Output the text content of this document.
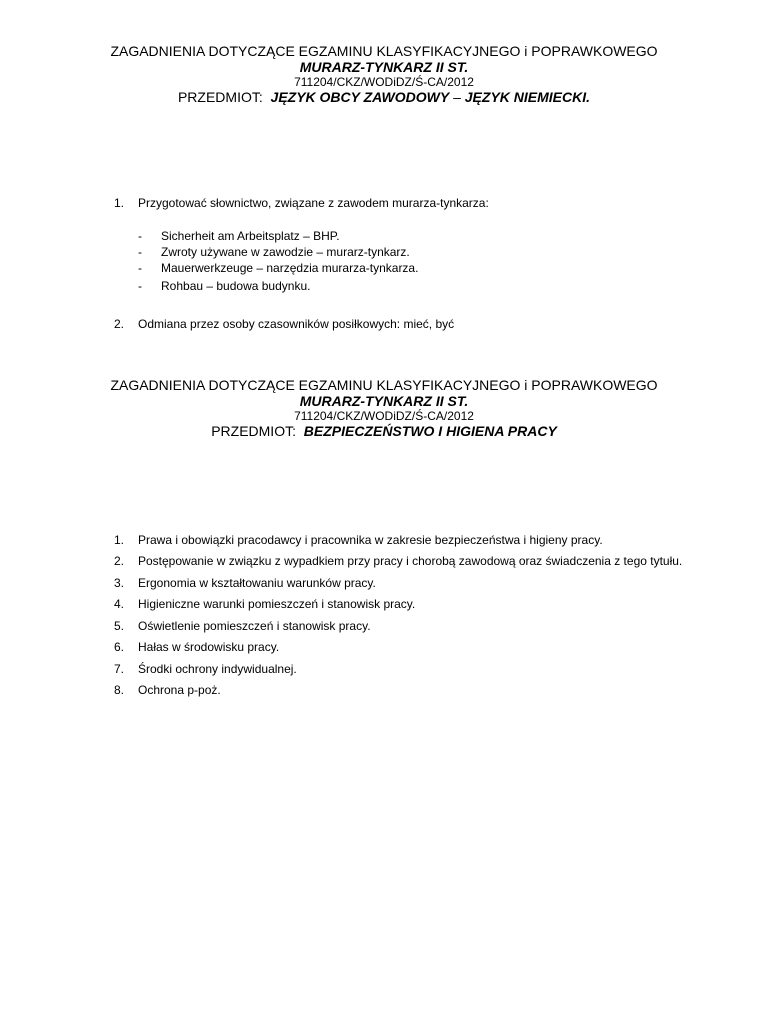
ZAGADNIENIA DOTYCZĄCE EGZAMINU KLASYFIKACYJNEGO i POPRAWKOWEGO
MURARZ-TYNKARZ II ST.
711204/CKZ/WODiDZ/Ś-CA/2012
PRZEDMIOT: JĘZYK OBCY ZAWODOWY – JĘZYK NIEMIECKI.
1. Przygotować słownictwo, związane z zawodem murarza-tynkarza:
- Sicherheit am Arbeitsplatz – BHP.
- Zwroty używane w zawodzie – murarz-tynkarz.
- Mauerwerkzeuge – narzędzia murarza-tynkarza.
- Rohbau – budowa budynku.
2. Odmiana przez osoby czasowników posiłkowych: mieć, być
ZAGADNIENIA DOTYCZĄCE EGZAMINU KLASYFIKACYJNEGO i POPRAWKOWEGO
MURARZ-TYNKARZ II ST.
711204/CKZ/WODiDZ/Ś-CA/2012
PRZEDMIOT: BEZPIECZEŃSTWO I HIGIENA PRACY
1. Prawa i obowiązki pracodawcy i pracownika w zakresie bezpieczeństwa i higieny pracy.
2. Postępowanie w związku z wypadkiem przy pracy i chorobą zawodową oraz świadczenia z tego tytułu.
3. Ergonomia w kształtowaniu warunków pracy.
4. Higieniczne warunki pomieszczeń i stanowisk pracy.
5. Oświetlenie pomieszczeń i stanowisk pracy.
6. Hałas w środowisku pracy.
7. Środki ochrony indywidualnej.
8. Ochrona p-poż.
